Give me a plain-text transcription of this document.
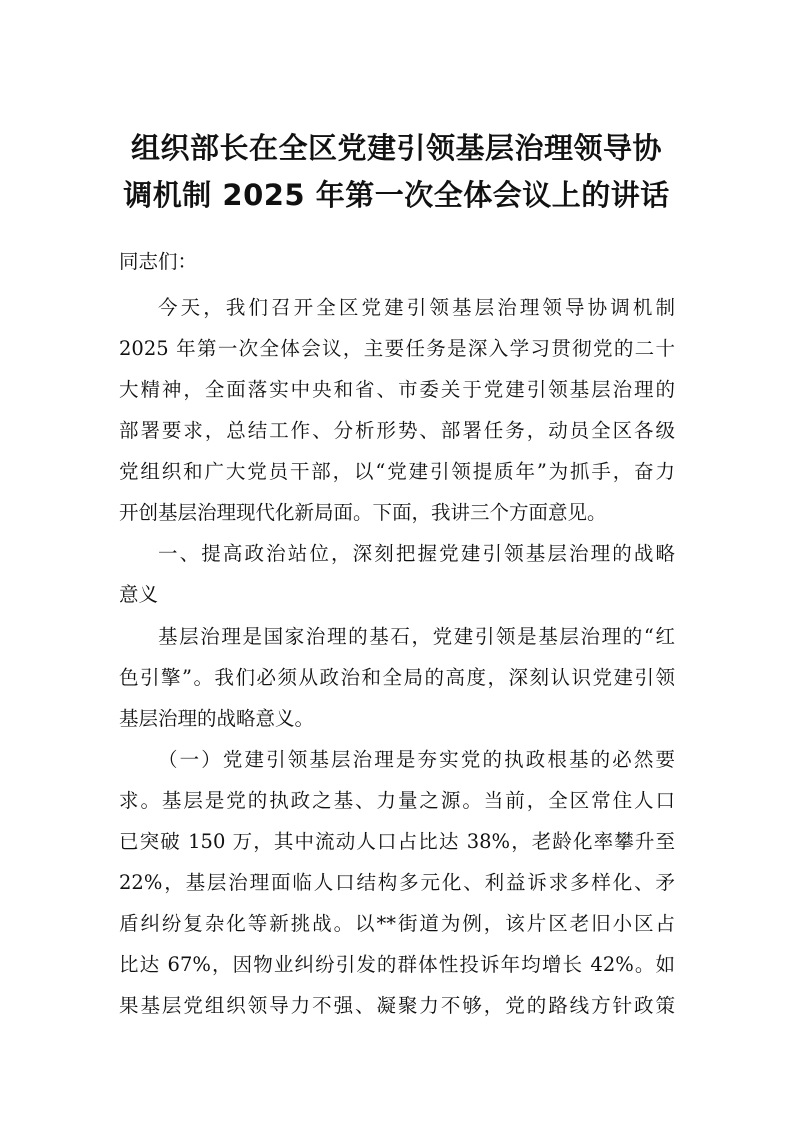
组织部长在全区党建引领基层治理领导协
调机制 2025 年第一次全体会议上的讲话

同志们：

今天，我们召开全区党建引领基层治理领导协调机制

2025 年第一次全体会议，主要任务是深入学习贯彻党的二十

大精神，全面落实中央和省、市委关于党建引领基层治理的

部署要求，总结工作、分析形势、部署任务，动员全区各级

党组织和广大党员干部，以“党建引领提质年”为抓手，奋力

开创基层治理现代化新局面。下面，我讲三个方面意见。

一、提高政治站位，深刻把握党建引领基层治理的战略

意义

基层治理是国家治理的基石，党建引领是基层治理的“红

色引擎”。我们必须从政治和全局的高度，深刻认识党建引领

基层治理的战略意义。

（一）党建引领基层治理是夯实党的执政根基的必然要

求。基层是党的执政之基、力量之源。当前，全区常住人口

已突破 150 万，其中流动人口占比达 38%，老龄化率攀升至

22%，基层治理面临人口结构多元化、利益诉求多样化、矛

盾纠纷复杂化等新挑战。以**街道为例，该片区老旧小区占

比达 67%，因物业纠纷引发的群体性投诉年均增长 42%。如

果基层党组织领导力不强、凝聚力不够，党的路线方针政策
